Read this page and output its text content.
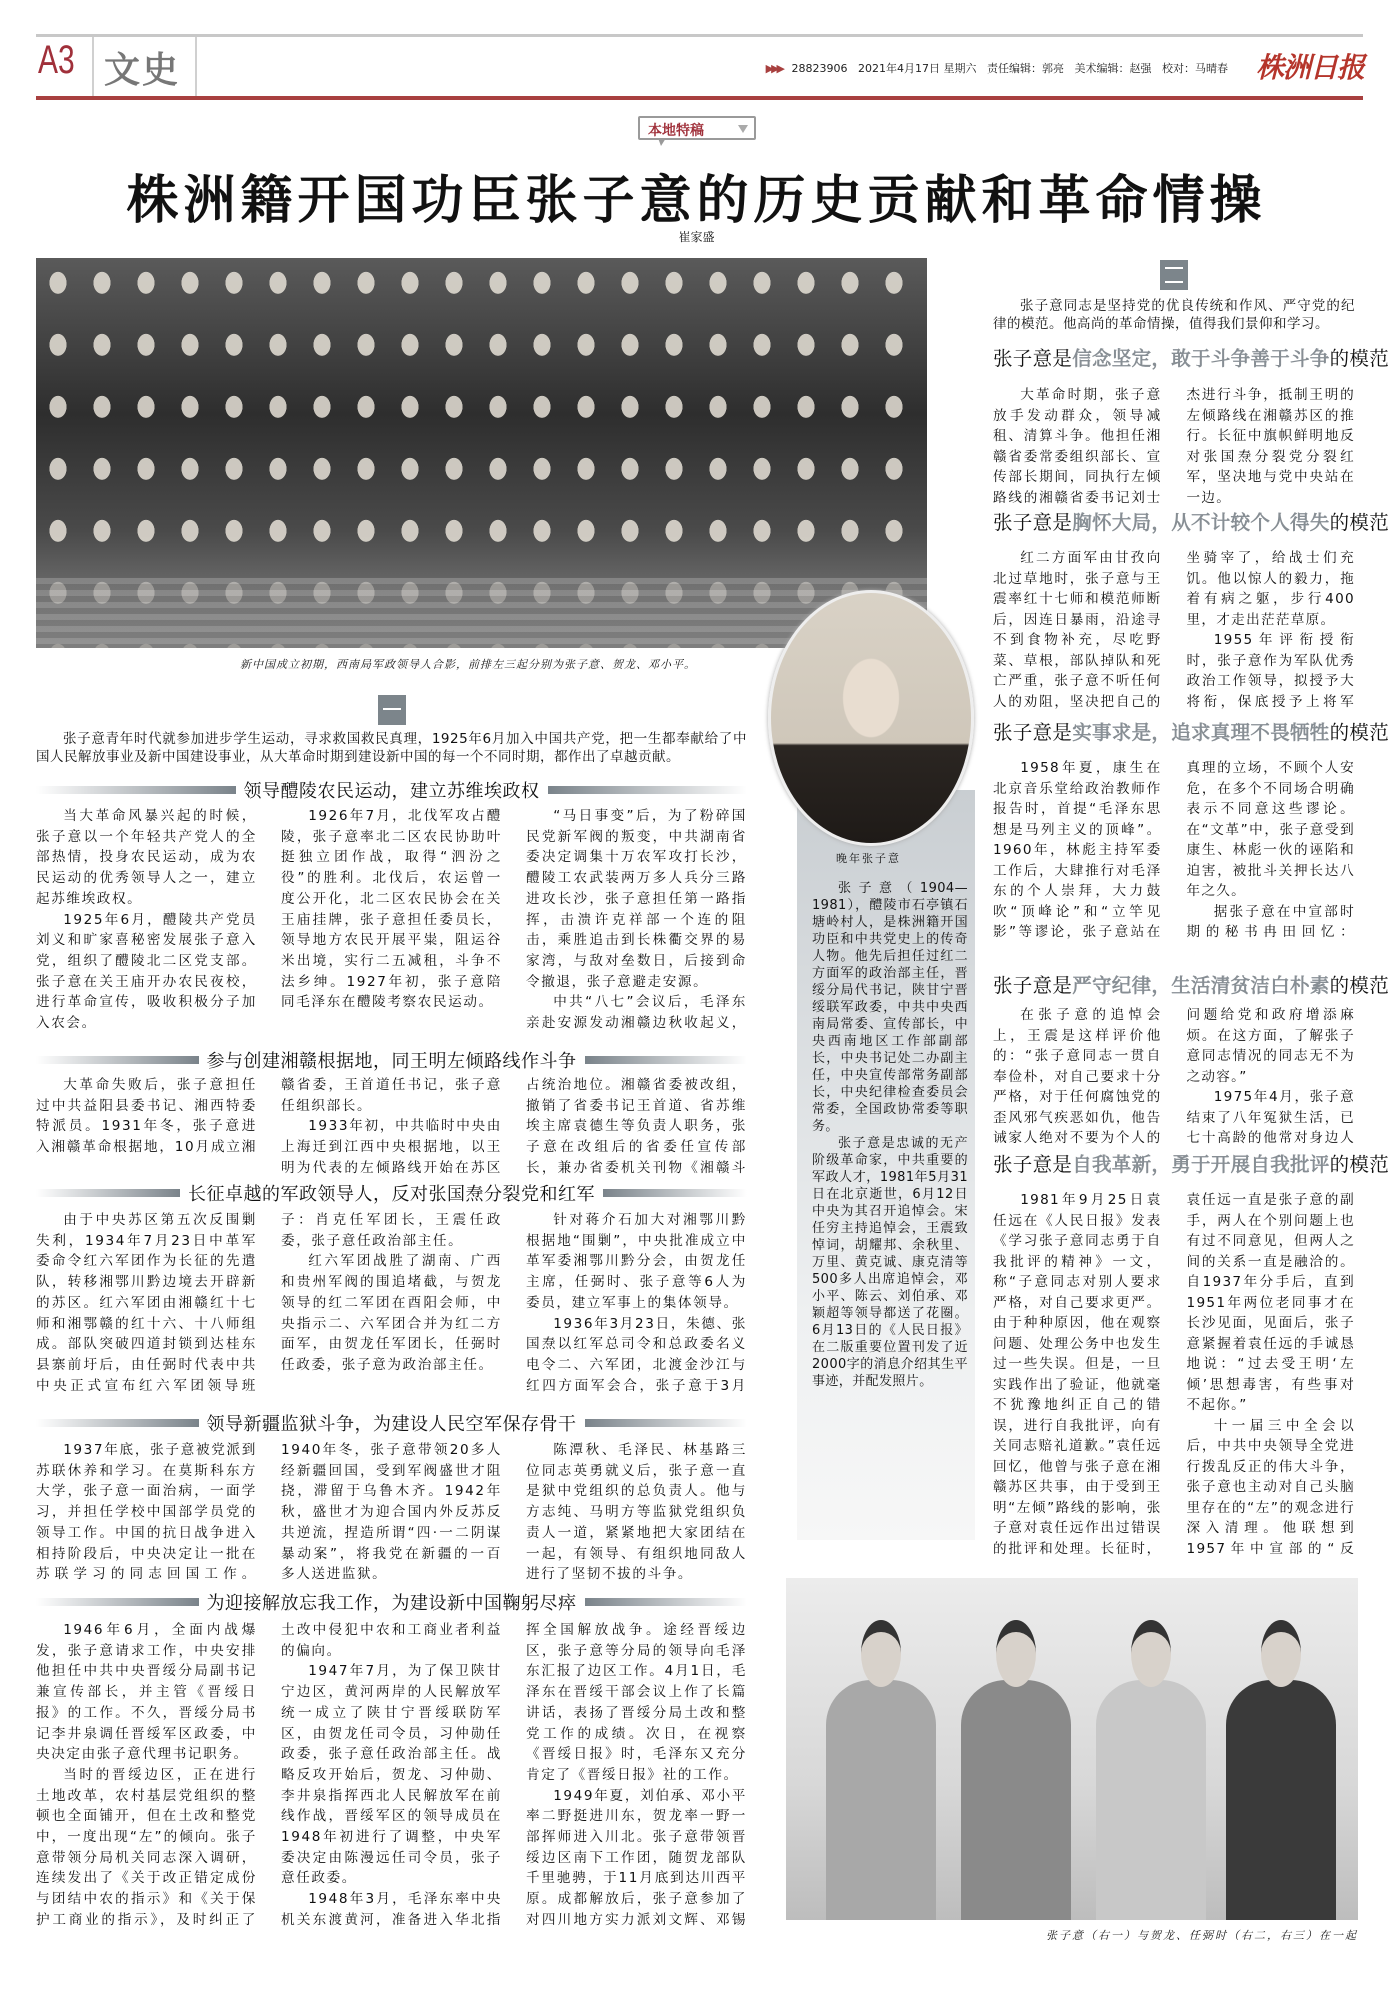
A3 文史	▶▶▶ 28823906 2021年4月17日 星期六 责任编辑：郭亮 美术编辑：赵强 校对：马晴春 株洲日报
本地特稿
株洲籍开国功臣张子意的历史贡献和革命情操
崔家盛
新中国成立初期，西南局军政领导人合影，前排左三起分别为张子意、贺龙、邓小平。
晚年张子意

张子意（1904—1981），醴陵市石亭镇石塘岭村人，是株洲籍开国功臣和中共党史上的传奇人物。他先后担任过红二方面军的政治部主任，晋绥分局代书记，陕甘宁晋绥联军政委，中共中央西南局常委、宣传部长，中央西南地区工作部副部长，中央书记处二办副主任，中央宣传部常务副部长，中央纪律检查委员会常委，全国政协常委等职务。

张子意是忠诚的无产阶级革命家，中共重要的军政人才，1981年5月31日在北京逝世，6月12日中央为其召开追悼会。宋任穷主持追悼会，王震致悼词，胡耀邦、余秋里、万里、黄克诚、康克清等500多人出席追悼会，邓小平、陈云、刘伯承、邓颖超等领导都送了花圈。6月13日的《人民日报》在二版重要位置刊发了近2000字的消息介绍其生平事迹，并配发照片。

张子意青年时代就参加进步学生运动，寻求救国救民真理，1925年6月加入中国共产党，把一生都奉献给了中国人民解放事业及新中国建设事业，从大革命时期到建设新中国的每一个不同时期，都作出了卓越贡献。

领导醴陵农民运动，建立苏维埃政权

当大革命风暴兴起的时候，张子意以一个年轻共产党人的全部热情，投身农民运动，成为农民运动的优秀领导人之一，建立起苏维埃政权。

1925年6月，醴陵共产党员刘义和旷家喜秘密发展张子意入党，组织了醴陵北二区党支部。张子意在关王庙开办农民夜校，进行革命宣传，吸收积极分子加入农会。

1926年7月，北伐军攻占醴陵，张子意率北二区农民协助叶挺独立团作战，取得“泗汾之役”的胜利。北伐后，农运曾一度公开化，北二区农民协会在关王庙挂牌，张子意担任委员长，领导地方农民开展平粜，阻运谷米出境，实行二五减租，斗争不法乡绅。1927年初，张子意陪同毛泽东在醴陵考察农民运动。

“马日事变”后，为了粉碎国民党新军阀的叛变，中共湖南省委决定调集十万农军攻打长沙，醴陵工农武装两万多人兵分三路进攻长沙，张子意担任第一路指挥，击溃许克祥部一个连的阻击，乘胜追击到长株衢交界的易家湾，与敌对垒数日，后接到命令撤退，张子意避走安源。

中共“八七”会议后，毛泽东亲赴安源发动湘赣边秋收起义，

参与创建湘赣根据地，同王明左倾路线作斗争

大革命失败后，张子意担任过中共益阳县委书记、湘西特委特派员。1931年冬，张子意进入湘赣革命根据地，10月成立湘赣省委，王首道任书记，张子意任组织部长。

1933年初，中共临时中央由上海迁到江西中央根据地，以王明为代表的左倾路线开始在苏区占统治地位。湘赣省委被改组，撤销了省委书记王首道、省苏维埃主席袁德生等负责人职务，张子意在改组后的省委任宣传部长，兼办省委机关刊物《湘赣斗

长征卓越的军政领导人，反对张国焘分裂党和红军

由于中央苏区第五次反围剿失利，1934年7月23日中革军委命令红六军团作为长征的先遣队，转移湘鄂川黔边境去开辟新的苏区。红六军团由湘赣红十七师和湘鄂赣的红十六、十八师组成。部队突破四道封锁到达桂东县寨前圩后，由任弼时代表中共中央正式宣布红六军团领导班子：肖克任军团长，王震任政委，张子意任政治部主任。

红六军团战胜了湖南、广西和贵州军阀的围追堵截，与贺龙领导的红二军团在酉阳会师，中央指示二、六军团合并为红二方面军，由贺龙任军团长，任弼时任政委，张子意为政治部主任。

针对蒋介石加大对湘鄂川黔根据地“围剿”，中央批准成立中革军委湘鄂川黔分会，由贺龙任主席，任弼时、张子意等6人为委员，建立军事上的集体领导。

1936年3月23日，朱德、张国焘以红军总司令和总政委名义电令二、六军团，北渡金沙江与红四方面军会合，张子意于3月

领导新疆监狱斗争，为建设人民空军保存骨干

1937年底，张子意被党派到苏联休养和学习。在莫斯科东方大学，张子意一面治病，一面学习，并担任学校中国部学员党的领导工作。中国的抗日战争进入相持阶段后，中央决定让一批在苏联学习的同志回国工作。1940年冬，张子意带领20多人经新疆回国，受到军阀盛世才阻挠，滞留于乌鲁木齐。1942年秋，盛世才为迎合国内外反苏反共逆流，捏造所谓“四·一二阴谋暴动案”，将我党在新疆的一百多人送进监狱。

陈潭秋、毛泽民、林基路三位同志英勇就义后，张子意一直是狱中党组织的总负责人。他与方志纯、马明方等监狱党组织负责人一道，紧紧地把大家团结在一起，有领导、有组织地同敌人进行了坚韧不拔的斗争。

为迎接解放忘我工作，为建设新中国鞠躬尽瘁

1946年6月，全面内战爆发，张子意请求工作，中央安排他担任中共中央晋绥分局副书记兼宣传部长，并主管《晋绥日报》的工作。不久，晋绥分局书记李井泉调任晋绥军区政委，中央决定由张子意代理书记职务。

当时的晋绥边区，正在进行土地改革，农村基层党组织的整顿也全面铺开，但在土改和整党中，一度出现“左”的倾向。张子意带领分局机关同志深入调研，连续发出了《关于改正错定成份与团结中农的指示》和《关于保护工商业的指示》，及时纠正了土改中侵犯中农和工商业者利益的偏向。

1947年7月，为了保卫陕甘宁边区，黄河两岸的人民解放军统一成立了陕甘宁晋绥联防军区，由贺龙任司令员，习仲勋任政委，张子意任政治部主任。战略反攻开始后，贺龙、习仲勋、李井泉指挥西北人民解放军在前线作战，晋绥军区的领导成员在1948年初进行了调整，中央军委决定由陈漫远任司令员，张子意任政委。

1948年3月，毛泽东率中央机关东渡黄河，准备进入华北指挥全国解放战争。途经晋绥边区，张子意等分局的领导向毛泽东汇报了边区工作。4月1日，毛泽东在晋绥干部会议上作了长篇讲话，表扬了晋绥分局土改和整党工作的成绩。次日，在视察《晋绥日报》时，毛泽东又充分肯定了《晋绥日报》社的工作。

1949年夏，刘伯承、邓小平率二野挺进川东，贺龙率一野一部挥师进入川北。张子意带领晋绥边区南下工作团，随贺龙部队千里驰骋，于11月底到达川西平原。成都解放后，张子意参加了对四川地方实力派刘文辉、邓锡

张子意同志是坚持党的优良传统和作风、严守党的纪律的模范。他高尚的革命情操，值得我们景仰和学习。

张子意是信念坚定，敢于斗争善于斗争的模范

大革命时期，张子意放手发动群众，领导减租、清算斗争。他担任湘赣省委常委组织部长、宣传部长期间，同执行左倾路线的湘赣省委书记刘士杰进行斗争，抵制王明的左倾路线在湘赣苏区的推行。长征中旗帜鲜明地反对张国焘分裂党分裂红军，坚决地与党中央站在一边。

张子意是胸怀大局，从不计较个人得失的模范

红二方面军由甘孜向北过草地时，张子意与王震率红十七师和模范师断后，因连日暴雨，沿途寻不到食物补充，尽吃野菜、草根，部队掉队和死亡严重，张子意不听任何人的劝阻，坚决把自己的坐骑宰了，给战士们充饥。他以惊人的毅力，拖着有病之躯，步行400里，才走出茫茫草原。

1955年评衔授衔时，张子意作为军队优秀政治工作领导，拟授予大将衔，保底授予上将军

张子意是实事求是，追求真理不畏牺牲的模范

1958年夏，康生在北京音乐堂给政治教师作报告时，首提“毛泽东思想是马列主义的顶峰”。1960年，林彪主持军委工作后，大肆推行对毛泽东的个人崇拜，大力鼓吹“顶峰论”和“立竿见影”等谬论，张子意站在真理的立场，不顾个人安危，在多个不同场合明确表示不同意这些谬论。在“文革”中，张子意受到康生、林彪一伙的诬陷和迫害，被批斗关押长达八年之久。

据张子意在中宣部时期的秘书冉田回忆：

张子意是严守纪律，生活清贫洁白朴素的模范

在张子意的追悼会上，王震是这样评价他的：“张子意同志一贯自奉俭朴，对自己要求十分严格，对于任何腐蚀党的歪风邪气疾恶如仇，他告诫家人绝对不要为个人的问题给党和政府增添麻烦。在这方面，了解张子意同志情况的同志无不为之动容。”

1975年4月，张子意结束了八年冤狱生活，已七十高龄的他常对身边人

张子意是自我革新，勇于开展自我批评的模范

1981年9月25日袁任远在《人民日报》发表《学习张子意同志勇于自我批评的精神》一文，称“子意同志对别人要求严格，对自己要求更严。由于种种原因，他在观察问题、处理公务中也发生过一些失误。但是，一旦实践作出了验证，他就毫不犹豫地纠正自己的错误，进行自我批评，向有关同志赔礼道歉。”袁任远回忆，他曾与张子意在湘赣苏区共事，由于受到王明“左倾”路线的影响，张子意对袁任远作出过错误的批评和处理。长征时，袁任远一直是张子意的副手，两人在个别问题上也有过不同意见，但两人之间的关系一直是融洽的。自1937年分手后，直到1951年两位老同事才在长沙见面，见面后，张子意紧握着袁任远的手诚恳地说：“过去受王明‘左倾’思想毒害，有些事对不起你。”

十一届三中全会以后，中共中央领导全党进行拨乱反正的伟大斗争，张子意也主动对自己头脑里存在的“左”的观念进行深入清理。他联想到1957年中宣部的“反

张子意（右一）与贺龙、任弼时（右二，右三）在一起
